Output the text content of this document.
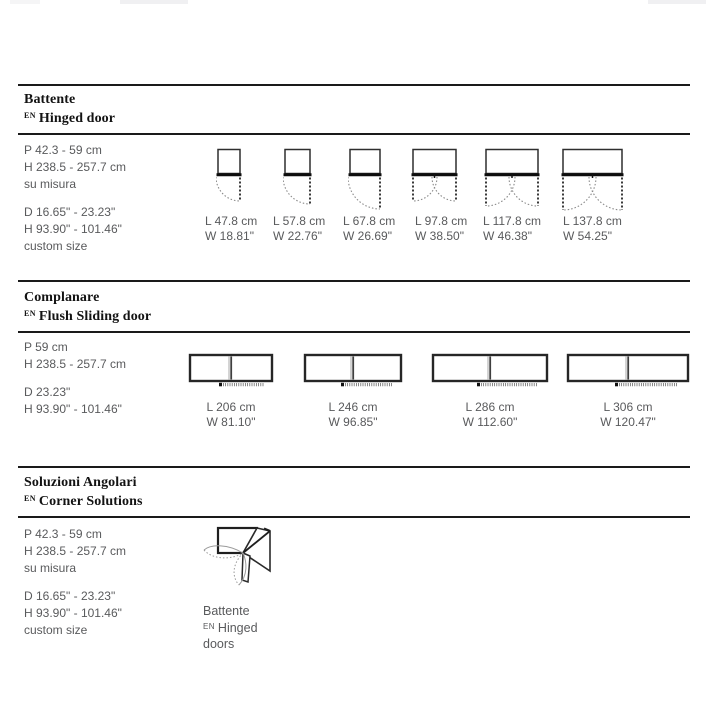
Battente
$^{EN}$ Hinged door
P 42.3 - 59 cm
H 238.5 - 257.7 cm
su misura
D 16.65" - 23.23"
H 93.90" - 101.46"
custom size
L 47.8 cm
W 18.81"
L 57.8 cm
W 22.76"
L 67.8 cm
W 26.69"
L 97.8 cm
W 38.50"
L 117.8 cm
W 46.38"
L 137.8 cm
W 54.25"
Complanare
$^{EN}$ Flush Sliding door
P 59 cm
H 238.5 - 257.7 cm
D 23.23"
H 93.90" - 101.46"	L 206 cm
W 81.10"
L 246 cm
W 96.85"
L 286 cm
W 112.60"
L 306 cm
W 120.47"
Soluzioni Angolari
$^{EN}$ Corner Solutions
P 42.3 - 59 cm
H 238.5 - 257.7 cm
su misura
D 16.65" - 23.23"
H 93.90" - 101.46"
custom size
Battente
$^{EN}$ Hinged doors
